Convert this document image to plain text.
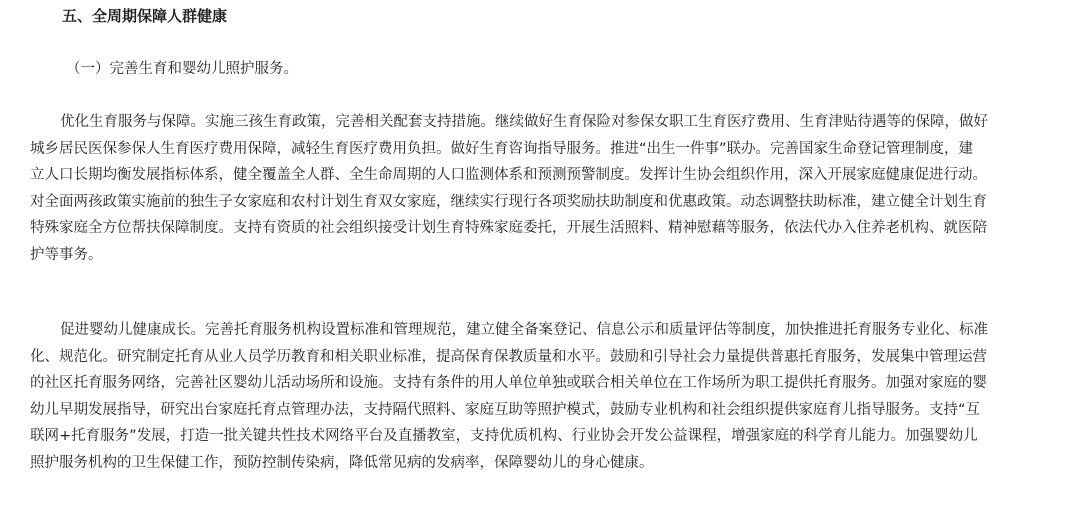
五、全周期保障人群健康
（一）完善生育和婴幼儿照护服务。
优化生育服务与保障。实施三孩生育政策，完善相关配套支持措施。继续做好生育保险对参保女职工生育医疗费用、生育津贴待遇等的保障，做好
城乡居民医保参保人生育医疗费用保障，减轻生育医疗费用负担。做好生育咨询指导服务。推进“出生一件事”联办。完善国家生命登记管理制度，建
立人口长期均衡发展指标体系，健全覆盖全人群、全生命周期的人口监测体系和预测预警制度。发挥计生协会组织作用，深入开展家庭健康促进行动。
对全面两孩政策实施前的独生子女家庭和农村计划生育双女家庭，继续实行现行各项奖励扶助制度和优惠政策。动态调整扶助标准，建立健全计划生育
特殊家庭全方位帮扶保障制度。支持有资质的社会组织接受计划生育特殊家庭委托，开展生活照料、精神慰藉等服务，依法代办入住养老机构、就医陪
护等事务。
促进婴幼儿健康成长。完善托育服务机构设置标准和管理规范，建立健全备案登记、信息公示和质量评估等制度，加快推进托育服务专业化、标准
化、规范化。研究制定托育从业人员学历教育和相关职业标准，提高保育保教质量和水平。鼓励和引导社会力量提供普惠托育服务，发展集中管理运营
的社区托育服务网络，完善社区婴幼儿活动场所和设施。支持有条件的用人单位单独或联合相关单位在工作场所为职工提供托育服务。加强对家庭的婴
幼儿早期发展指导，研究出台家庭托育点管理办法，支持隔代照料、家庭互助等照护模式，鼓励专业机构和社会组织提供家庭育儿指导服务。支持“互
联网+托育服务”发展，打造一批关键共性技术网络平台及直播教室，支持优质机构、行业协会开发公益课程，增强家庭的科学育儿能力。加强婴幼儿
照护服务机构的卫生保健工作，预防控制传染病，降低常见病的发病率，保障婴幼儿的身心健康。
